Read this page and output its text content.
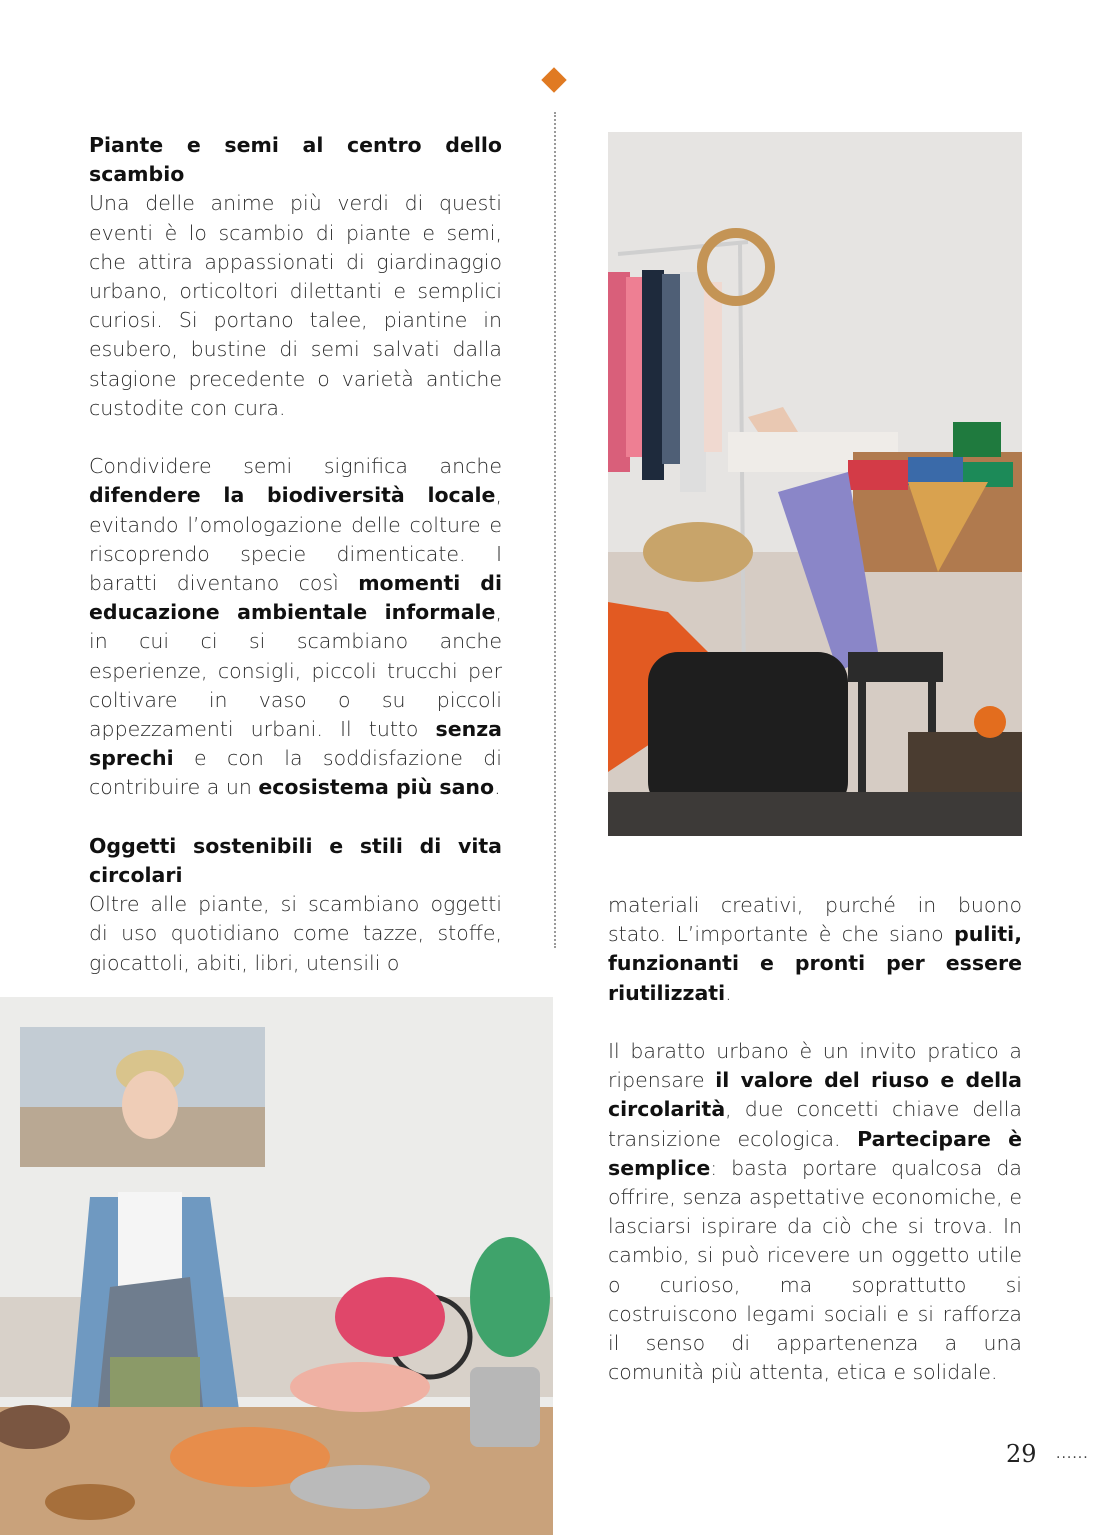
Piante e semi al centro dello scambio

Una delle anime più verdi di questi eventi è lo scambio di piante e semi, che attira appassionati di giardinaggio urbano, orticoltori dilettanti e semplici curiosi. Si portano talee, piantine in esubero, bustine di semi salvati dalla stagione precedente o varietà antiche custodite con cura.

Condividere semi significa anche difendere la biodiversità locale, evitando l’omologazione delle colture e riscoprendo specie dimenticate. I baratti diventano così momenti di educazione ambientale informale, in cui ci si scambiano anche esperienze, consigli, piccoli trucchi per coltivare in vaso o su piccoli appezzamenti urbani. Il tutto senza sprechi e con la soddisfazione di contribuire a un ecosistema più sano.

Oggetti sostenibili e stili di vita circolari

Oltre alle piante, si scambiano oggetti di uso quotidiano come tazze, stoffe, giocattoli, abiti, libri, utensili o

materiali creativi, purché in buono stato. L’importante è che siano puliti, funzionanti e pronti per essere riutilizzati.

Il baratto urbano è un invito pratico a ripensare il valore del riuso e della circolarità, due concetti chiave della transizione ecologica. Partecipare è semplice: basta portare qualcosa da offrire, senza aspettative economiche, e lasciarsi ispirare da ciò che si trova. In cambio, si può ricevere un oggetto utile o curioso, ma soprattutto si costruiscono legami sociali e si rafforza il senso di appartenenza a una comunità più attenta, etica e solidale.

29 ......
